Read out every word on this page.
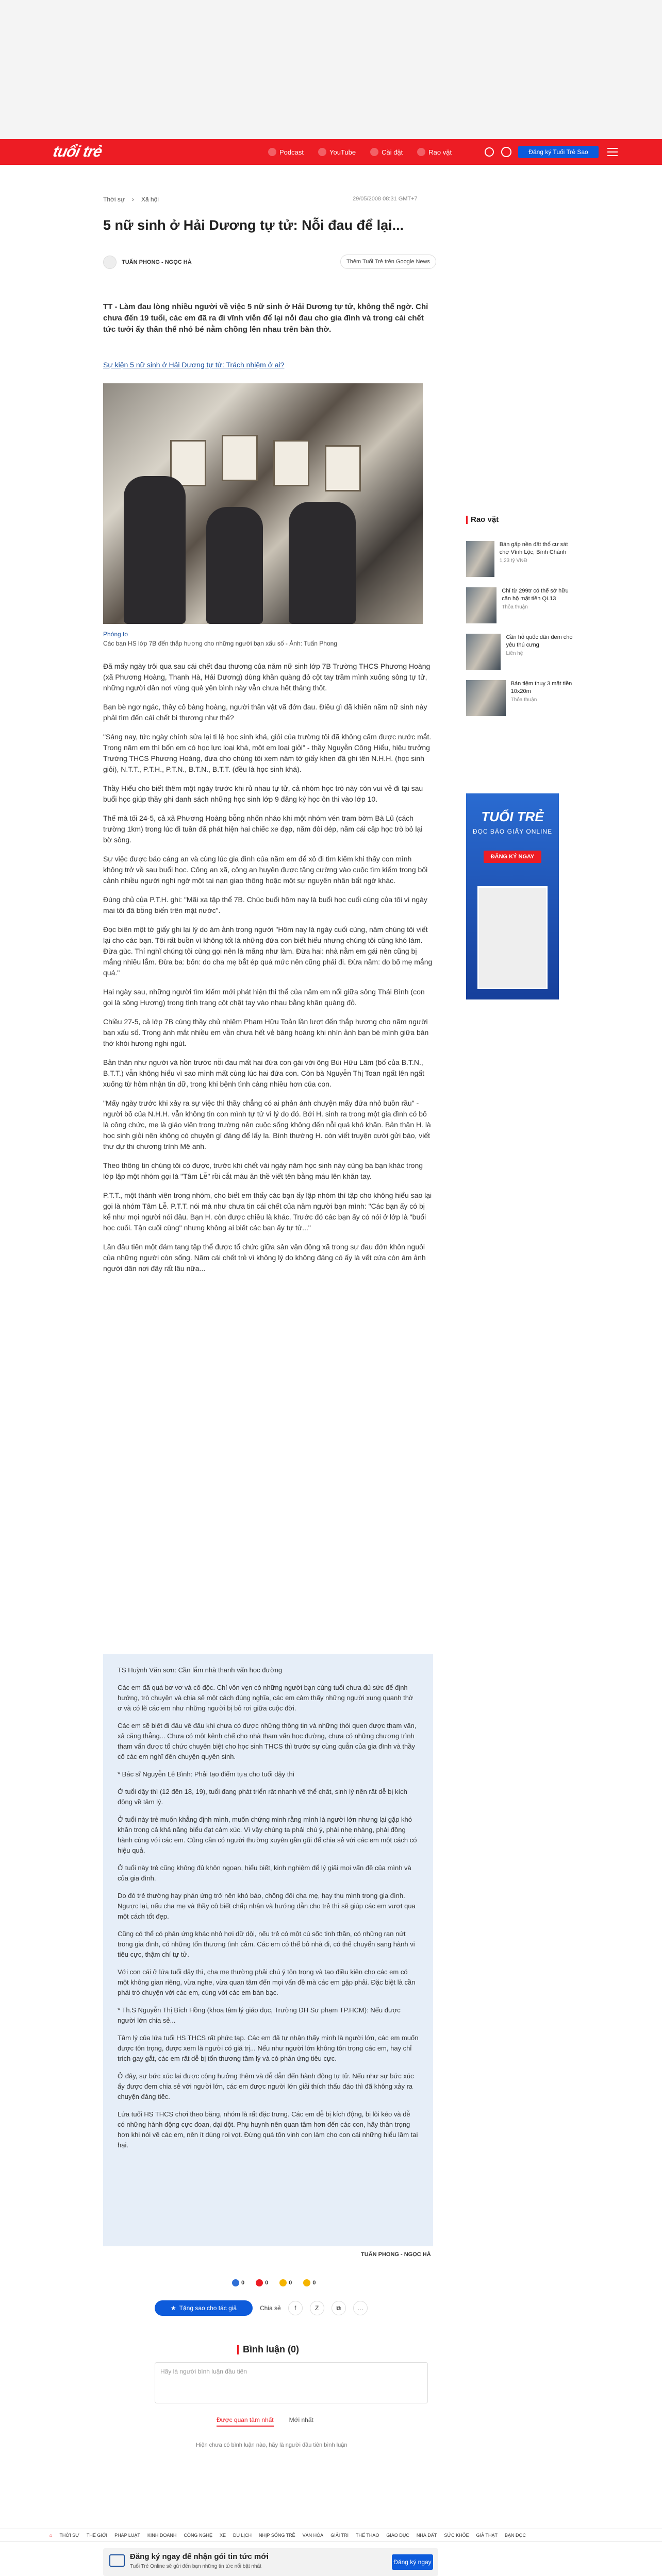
tuổi trẻ	Podcast	YouTube	Cài đặt	Rao vặt	Đăng ký Tuổi Trẻ Sao
Thời sự › Xã hội	29/05/2008 08:31 GMT+7
5 nữ sinh ở Hải Dương tự tử: Nỗi đau để lại...
TUẤN PHONG - NGỌC HÀ	Thêm Tuổi Trẻ trên Google News

TT - Làm đau lòng nhiều người về việc 5 nữ sinh ở Hải Dương tự tử, không thể ngờ. Chỉ chưa đến 19 tuổi, các em đã ra đi vĩnh viễn để lại nỗi đau cho gia đình và trong cái chết tức tưởi ấy thân thể nhỏ bé nằm chồng lên nhau trên bàn thờ.

Sự kiện 5 nữ sinh ở Hải Dương tự tử: Trách nhiệm ở ai?
Phóng to
Các bạn HS lớp 7B đến thắp hương cho những người bạn xấu số - Ảnh: Tuấn Phong

Đã mấy ngày trôi qua sau cái chết đau thương của năm nữ sinh lớp 7B Trường THCS Phương Hoàng (xã Phương Hoàng, Thanh Hà, Hải Dương) dùng khăn quàng đỏ cột tay trầm mình xuống sông tự tử, những người dân nơi vùng quê yên bình này vẫn chưa hết thảng thốt.

Bạn bè ngơ ngác, thầy cô bàng hoàng, người thân vật vã đớn đau. Điều gì đã khiến năm nữ sinh này phải tìm đến cái chết bi thương như thế?

"Sáng nay, tức ngày chính sửa lại ti lệ học sinh khá, giỏi của trường tôi đã không cấm được nước mắt. Trong năm em thì bốn em có học lực loại khá, một em loại giỏi" - thầy Nguyễn Công Hiểu, hiệu trưởng Trường THCS Phương Hoàng, đưa cho chúng tôi xem năm tờ giấy khen đã ghi tên N.H.H. (học sinh giỏi), N.T.T., P.T.H., P.T.N., B.T.N., B.T.T. (đều là học sinh khá).

Thầy Hiểu cho biết thêm một ngày trước khi rủ nhau tự tử, cả nhóm học trò này còn vui vẻ đi tại sau buổi học giúp thầy ghi danh sách những học sinh lớp 9 đăng ký học ôn thi vào lớp 10.

Thế mà tối 24-5, cả xã Phương Hoàng bỗng nhốn nháo khi một nhóm vén tram bờm Bà Lũ (cách trường 1km) trong lúc đi tuần đã phát hiện hai chiếc xe đạp, năm đôi dép, năm cái cặp học trò bỏ lại bờ sông.

Sự việc được báo cáng an và cùng lúc gia đình của năm em để xô đi tìm kiếm khi thấy con mình không trở về sau buổi học. Công an xã, công an huyện được tăng cường vào cuộc tìm kiếm trong bối cảnh nhiều người nghi ngờ một tai nạn giao thông hoặc một sự nguyên nhân bất ngờ khác.

Đúng chủ của P.T.H. ghi: "Mãi xa tập thể 7B. Chúc buổi hôm nay là buổi học cuối cùng của tôi vì ngày mai tôi đã bỗng biến trên mặt nước".

Đọc biên một tờ giấy ghi lại lý do ám ảnh trong người "Hôm nay là ngày cuối cùng, năm chúng tôi viết lại cho các bạn. Tôi rất buồn vì không tốt là những đứa con biết hiếu nhưng chúng tôi cũng khó làm. Đừa gùc. Thí nghĩ chúng tôi cùng gọi nên là mãng như làm. Đừa hai: nhà nằm em gái nên cũng bị mắng nhiều lắm. Đừa ba: bốn: do cha mẹ bắt ép quá mức nên cũng phải đi. Đừa năm: do bố mẹ mắng quá."

Hai ngày sau, những người tìm kiếm mới phát hiện thi thể của năm em nổi giữa sông Thái Bình (con gọi là sông Hương) trong tình trạng cột chặt tay vào nhau bằng khăn quàng đỏ.

Chiều 27-5, cả lớp 7B cùng thầy chủ nhiệm Phạm Hữu Toản lần lượt đến thắp hương cho năm người bạn xấu số. Trong ánh mắt nhiều em vẫn chưa hết vẻ bàng hoàng khi nhìn ảnh bạn bè mình giữa bàn thờ khói hương nghi ngút.

Bản thân như người và hồn trước nỗi đau mất hai đứa con gái với ông Bùi Hữu Lâm (bố của B.T.N., B.T.T.) vẫn không hiểu vì sao mình mất cùng lúc hai đứa con. Còn bà Nguyễn Thị Toan ngất lên ngất xuống từ hôm nhận tin dữ, trong khi bệnh tình càng nhiều hơn của con.

"Mấy ngày trước khi xảy ra sự việc thì thầy chẳng có ai phản ánh chuyện mấy đứa nhỏ buồn rầu" - người bố của N.H.H. vẫn không tin con mình tự tử vì lý do đó. Bởi H. sinh ra trong một gia đình có bố là công chức, mẹ là giáo viên trong trường nên cuộc sống không đến nỗi quá khó khăn. Bản thân H. là học sinh giỏi nên không có chuyện gì đáng để lấy la. Bình thường H. còn viết truyện cười gửi báo, viết thư dự thi chương trình Mê anh.

Theo thông tin chúng tôi có được, trước khi chết vài ngày năm học sinh này cùng ba bạn khác trong lớp lập một nhóm gọi là "Tâm Lễ" rồi cắt máu ăn thề viết tên bằng máu lên khăn tay.

P.T.T., một thành viên trong nhóm, cho biết em thấy các bạn ấy lập nhóm thì tập cho không hiểu sao lại gọi là nhóm Tâm Lễ. P.T.T. nói mà như chưa tin cái chết của năm người bạn mình: "Các bạn ấy có bị kể như mọi người nói đâu. Bạn H. còn được chiều là khác. Trước đó các bạn ấy có nói ở lớp là "buổi học cuối. Tận cuối cùng" nhưng không ai biết các bạn ấy tự tử..."

Lần đầu tiên một đám tang tập thể được tổ chức giữa sân vận động xã trong sự đau đớn khôn nguôi của những người còn sống. Năm cái chết trẻ vì không lý do không đáng có ấy là vết cứa còn ám ảnh người dân nơi đây rất lâu nữa...

TS Huỳnh Văn sơn: Cần lắm nhà thanh vấn học đường

Các em đã quá bơ vơ và cô độc. Chỉ vốn vẹn có những người bạn cùng tuổi chưa đủ sức để định hướng, trò chuyện và chia sẻ một cách đúng nghĩa, các em cảm thấy những người xung quanh thờ ơ và có lẽ các em như những người bị bỏ rơi giữa cuộc đời.

Các em sẽ biết đi đâu về đâu khi chưa có được những thông tin và những thói quen được tham vấn, xả căng thẳng... Chưa có một kênh chế cho nhà tham vấn học đường, chưa có những chương trình tham vấn được tổ chức chuyên biệt cho học sinh THCS thì trước sự cùng quẫn của gia đình và thầy cô các em nghĩ đến chuyện quyên sinh.

* Bác sĩ Nguyễn Lê Bình: Phải tạo điểm tựa cho tuổi dậy thì

Ở tuổi dậy thì (12 đến 18, 19), tuổi đang phát triển rất nhanh về thể chất, sinh lý nên rất dễ bị kích động về tâm lý.

Ở tuổi này trẻ muốn khẳng định mình, muốn chứng minh rằng mình là người lớn nhưng lại gặp khó khăn trong cả khả năng biểu đạt cảm xúc. Vì vậy chúng ta phải chú ý, phải nhẹ nhàng, phải đồng hành cùng với các em. Cũng cần có người thường xuyên gần gũi để chia sẻ với các em một cách có hiệu quả.

Ở tuổi này trẻ cũng không đủ khôn ngoan, hiểu biết, kinh nghiệm để lý giải mọi vấn đề của mình và của gia đình.

Do đó trẻ thường hay phản ứng trở nên khó bảo, chống đối cha mẹ, hay thu mình trong gia đình. Ngược lại, nếu cha mẹ và thầy cô biết chấp nhận và hướng dẫn cho trẻ thì sẽ giúp các em vượt qua một cách tốt đẹp.

Cũng có thể có phản ứng khác nhỏ hơi dữ dội, nếu trẻ có một cú sốc tinh thần, có những rạn nứt trong gia đình, có những tổn thương tình cảm. Các em có thể bỏ nhà đi, có thể chuyển sang hành vi tiêu cực, thậm chí tự tử.

Với con cái ở lứa tuổi dậy thì, cha mẹ thường phải chú ý tôn trọng và tạo điều kiện cho các em có một không gian riêng, vừa nghe, vừa quan tâm đến mọi vấn đề mà các em gặp phải. Đặc biệt là cần phải trò chuyện với các em, cùng với các em bàn bạc.

* Th.S Nguyễn Thị Bích Hồng (khoa tâm lý giáo dục, Trường ĐH Sư phạm TP.HCM): Nếu được người lớn chia sẻ...

Tâm lý của lứa tuổi HS THCS rất phức tạp. Các em đã tự nhận thấy mình là người lớn, các em muốn được tôn trọng, được xem là người có giá trị... Nếu như người lớn không tôn trọng các em, hay chỉ trích gay gắt, các em rất dễ bị tổn thương tâm lý và có phản ứng tiêu cực.

Ở đây, sự bức xúc lại được cộng hưởng thêm và dễ dẫn đến hành động tự tử. Nếu như sự bức xúc ấy được đem chia sẻ với người lớn, các em được người lớn giải thích thấu đáo thì đã không xảy ra chuyện đáng tiếc.

Lứa tuổi HS THCS chơi theo băng, nhóm là rất đặc trưng. Các em dễ bị kích động, bị lôi kéo và dễ có những hành động cực đoan, dại dột. Phụ huynh nên quan tâm hơn đến các con, hãy thân trọng hơn khi nói về các em, nên ít dùng roi vọt. Đừng quá tôn vinh con làm cho con cái những hiểu lầm tai hại.

TUẤN PHONG - NGỌC HÀ
0	0	0	0
★ Tặng sao cho tác giả	Chia sẻ	f	Z	⧉	…
Bình luận (0)
Hãy là người bình luận đầu tiên
Được quan tâm nhất	Mới nhất
Hiện chưa có bình luận nào, hãy là người đầu tiên bình luận
Rao vặt
Bán gấp nền đất thổ cư sát chợ Vĩnh Lộc, Bình Chánh
1,23 tỷ VNĐ
Chỉ từ 299tr có thể sở hữu căn hộ mặt tiền QL13
Thỏa thuận
Cần hỗ quốc dân đem cho yêu thú cưng
Liên hệ
Bán tiệm thuy 3 mặt tiền 10x20m
Thỏa thuận
TUỔI TRẺ
ĐỌC BÁO GIẤY ONLINE
ĐĂNG KÝ NGAY
⌂ THỜI SỰ THẾ GIỚI PHÁP LUẬT KINH DOANH CÔNG NGHỆ XE DU LỊCH NHỊP SỐNG TRẺ VĂN HÓA GIẢI TRÍ THỂ THAO GIÁO DỤC NHÀ ĐẤT SỨC KHỎE GIẢ THẬT BẠN ĐỌC
Đăng ký ngay để nhận gói tin tức mới
Tuổi Trẻ Online sẽ gửi đến bạn những tin tức nổi bật nhất
Đăng ký ngay
